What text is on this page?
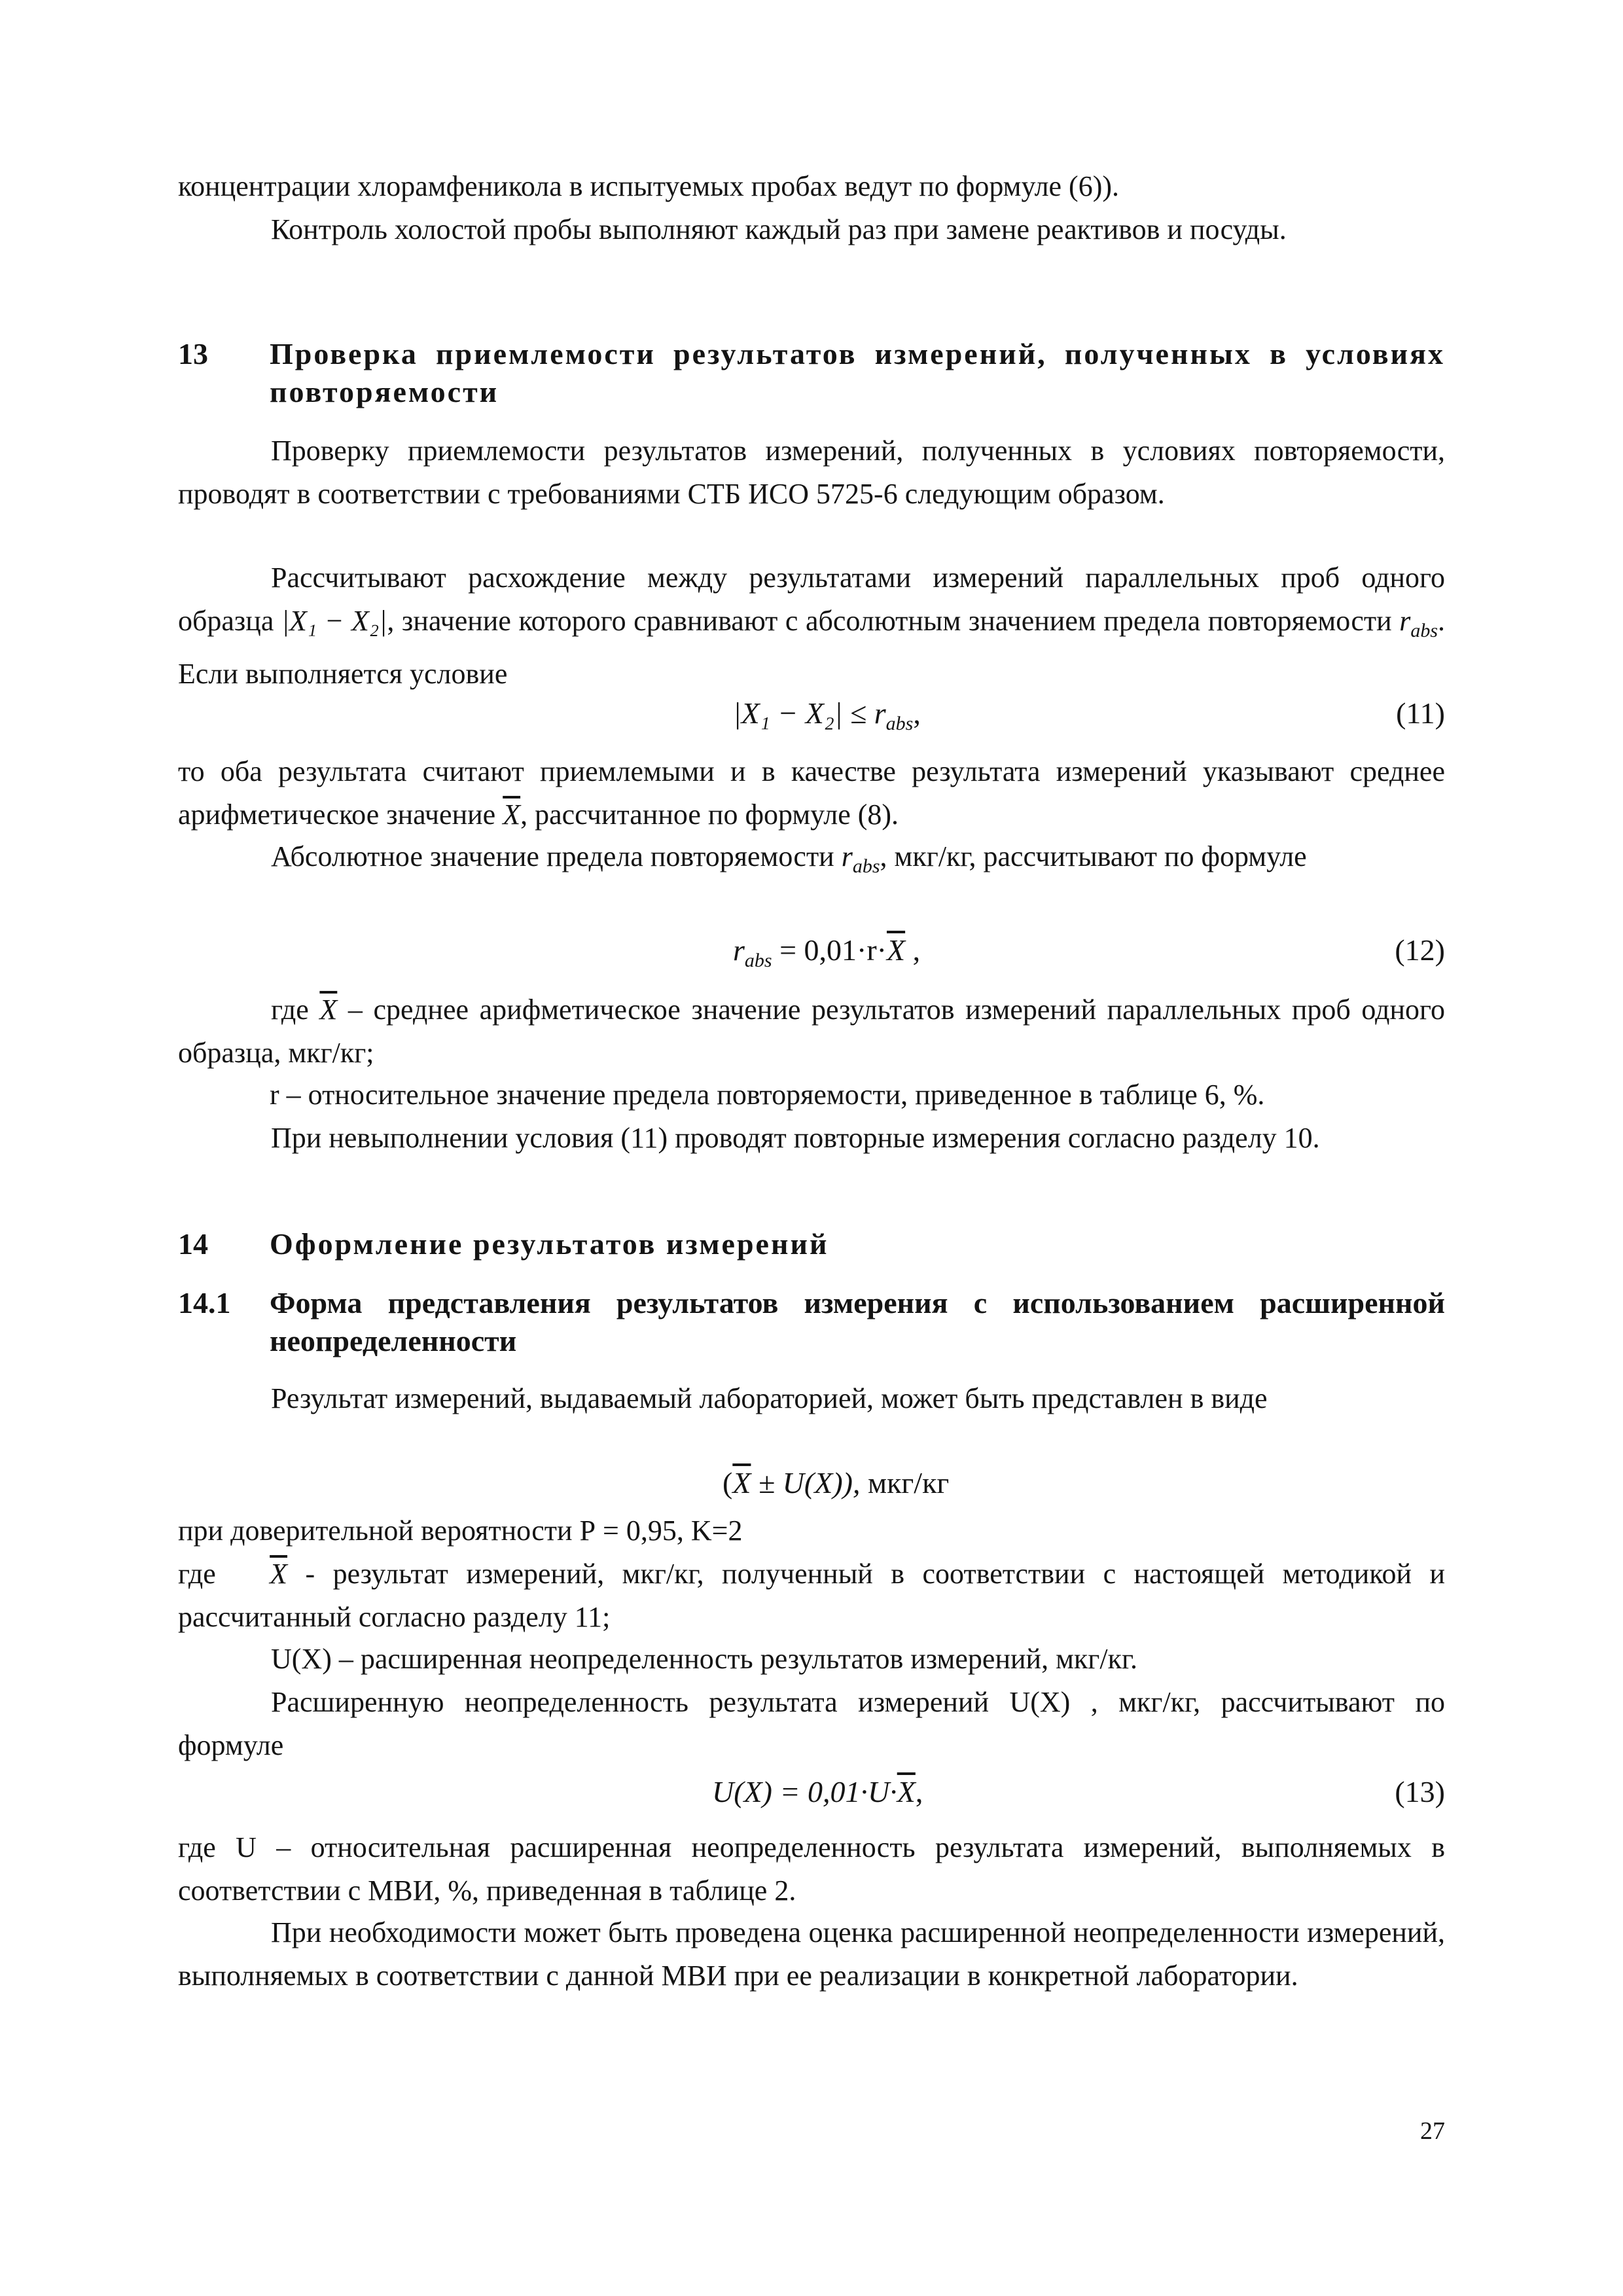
концентрации хлорамфеникола в испытуемых пробах ведут по формуле (6)).
Контроль холостой пробы выполняют каждый раз при замене реактивов и посуды.
13 Проверка приемлемости результатов измерений, полученных в условиях повторяемости
Проверку приемлемости результатов измерений, полученных в условиях повторяемости, проводят в соответствии с требованиями СТБ ИСО 5725-6 следующим образом.
Рассчитывают расхождение между результатами измерений параллельных проб одного образца |X₁ − X₂|, значение которого сравнивают с абсолютным значением предела повторяемости $r_{abs}$. Если выполняется условие
$|X_1 - X_2| \le r_{abs}$,	(11)
то оба результата считают приемлемыми и в качестве результата измерений указывают среднее арифметическое значение $\overline{X}$, рассчитанное по формуле (8).
Абсолютное значение предела повторяемости $r_{abs}$, мкг/кг, рассчитывают по формуле
$r_{abs} = 0,01\cdot r\cdot\overline{X}$ ,	(12)
где $\overline{X}$ – среднее арифметическое значение результатов измерений параллельных проб одного образца, мкг/кг;
r – относительное значение предела повторяемости, приведенное в таблице 6, %.
При невыполнении условия (11) проводят повторные измерения согласно разделу 10.
14 Оформление результатов измерений
14.1 Форма представления результатов измерения с использованием расширенной неопределенности
Результат измерений, выдаваемый лабораторией, может быть представлен в виде
$(\overline{X} \pm U(X))$, мкг/кг
при доверительной вероятности Р = 0,95, K=2
где $\overline{X}$ - результат измерений, мкг/кг, полученный в соответствии с настоящей методикой и рассчитанный согласно разделу 11;
U(X) – расширенная неопределенность результатов измерений, мкг/кг.
Расширенную неопределенность результата измерений U(X) , мкг/кг, рассчитывают по формуле
$U(X) = 0,01\cdot U\cdot\overline{X}$,	(13)
где U – относительная расширенная неопределенность результата измерений, выполняемых в соответствии с МВИ, %, приведенная в таблице 2.
При необходимости может быть проведена оценка расширенной неопределенности измерений, выполняемых в соответствии с данной МВИ при ее реализации в конкретной лаборатории.
27
